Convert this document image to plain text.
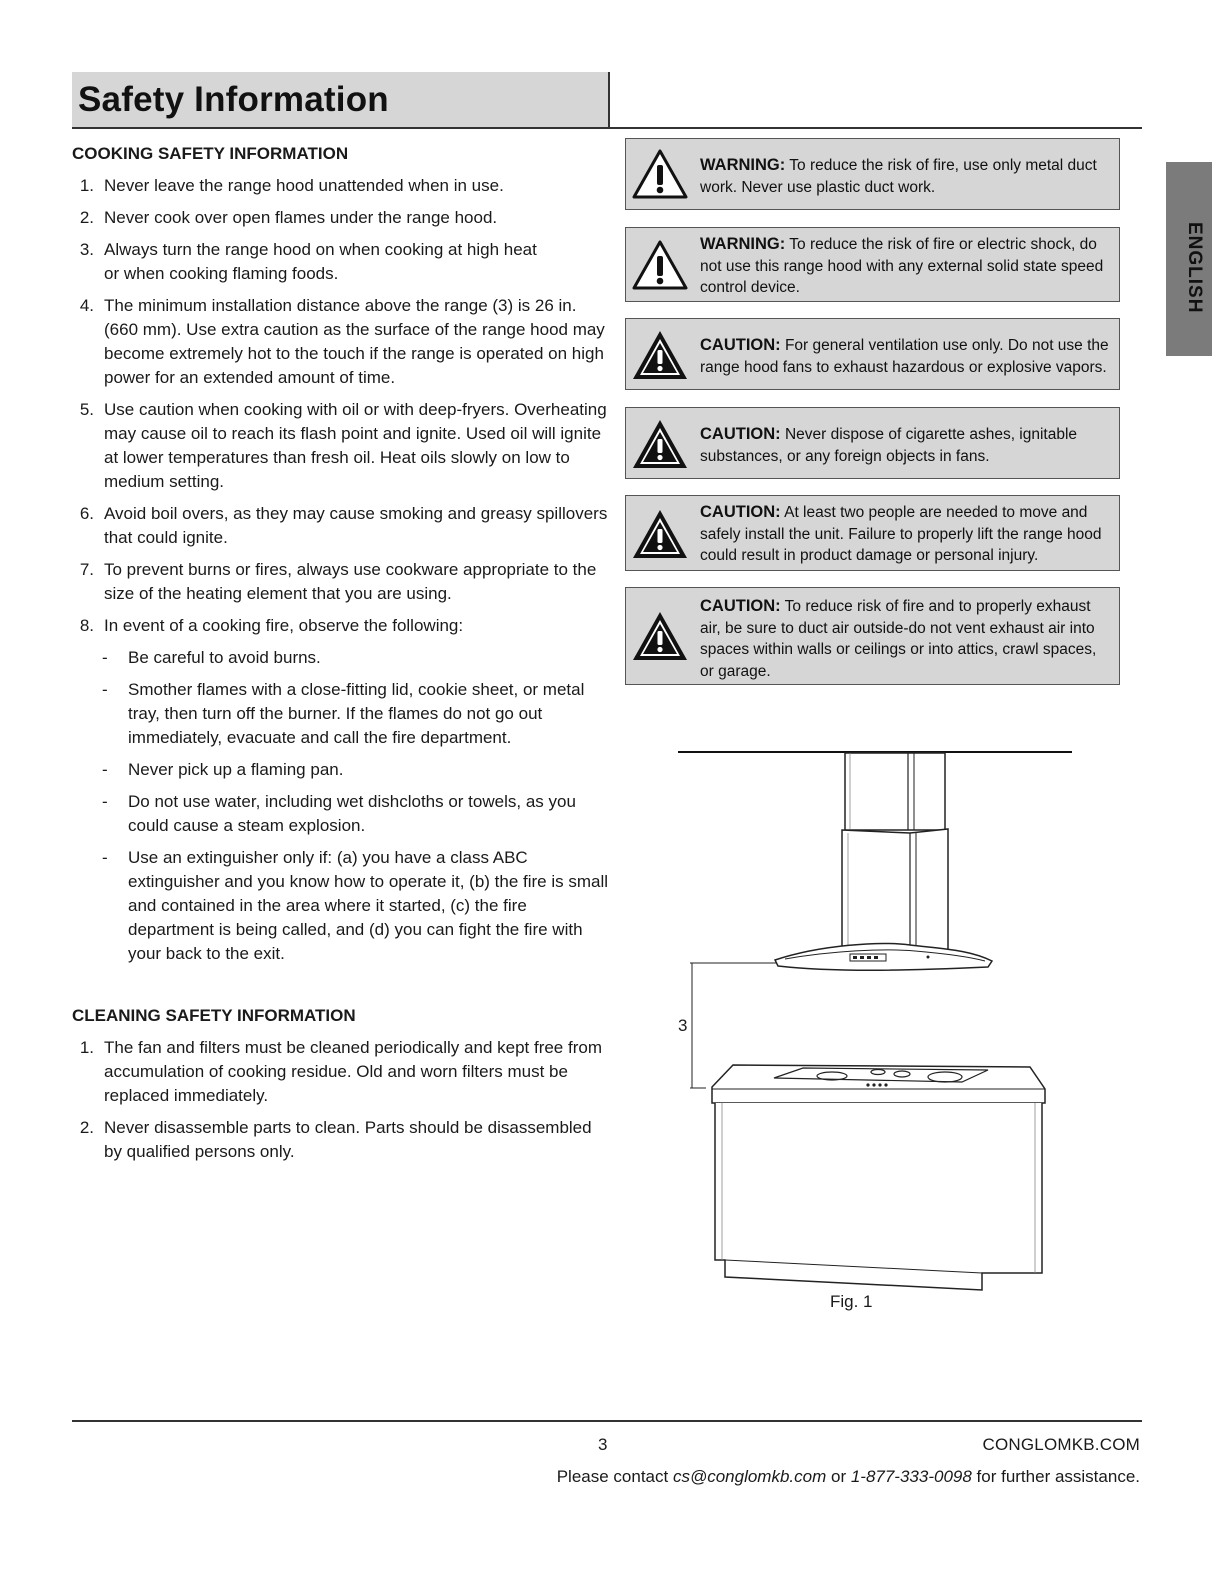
Safety Information
ENGLISH
COOKING SAFETY INFORMATION
1. Never leave the range hood unattended when in use.
2. Never cook over open flames under the range hood.
3. Always turn the range hood on when cooking at high heat or when cooking flaming foods.
4. The minimum installation distance above the range (3) is 26 in. (660 mm). Use extra caution as the surface of the range hood may become extremely hot to the touch if the range is operated on high power for an extended amount of time.
5. Use caution when cooking with oil or with deep-fryers. Overheating may cause oil to reach its flash point and ignite. Used oil will ignite at lower temperatures than fresh oil. Heat oils slowly on low to medium setting.
6. Avoid boil overs, as they may cause smoking and greasy spillovers that could ignite.
7. To prevent burns or fires, always use cookware appropriate to the size of the heating element that you are using.
8. In event of a cooking fire, observe the following:
-	Be careful to avoid burns.
-	Smother flames with a close-fitting lid, cookie sheet, or metal tray, then turn off the burner. If the flames do not go out immediately, evacuate and call the fire department.
-	Never pick up a flaming pan.
-	Do not use water, including wet dishcloths or towels, as you could cause a steam explosion.
-	Use an extinguisher only if: (a) you have a class ABC extinguisher and you know how to operate it, (b) the fire is small and contained in the area where it started, (c) the fire department is being called, and (d) you can fight the fire with your back to the exit.
CLEANING SAFETY INFORMATION
1. The fan and filters must be cleaned periodically and kept free from accumulation of cooking residue. Old and worn filters must be replaced immediately.
2. Never disassemble parts to clean. Parts should be disassembled by qualified persons only.
WARNING: To reduce the risk of fire, use only metal duct work. Never use plastic duct work.
WARNING: To reduce the risk of fire or electric shock, do not use this range hood with any external solid state speed control device.
CAUTION: For general ventilation use only. Do not use the range hood fans to exhaust hazardous or explosive vapors.
CAUTION: Never dispose of cigarette ashes, ignitable substances, or any foreign objects in fans.
CAUTION: At least two people are needed to move and safely install the unit. Failure to properly lift the range hood could result in product damage or personal injury.
CAUTION: To reduce risk of fire and to properly exhaust air, be sure to duct air outside-do not vent exhaust air into spaces within walls or ceilings or into attics, crawl spaces, or garage.
3
Fig. 1
3	CONGLOMKB.COM
Please contact cs@conglomkb.com or 1-877-333-0098 for further assistance.
